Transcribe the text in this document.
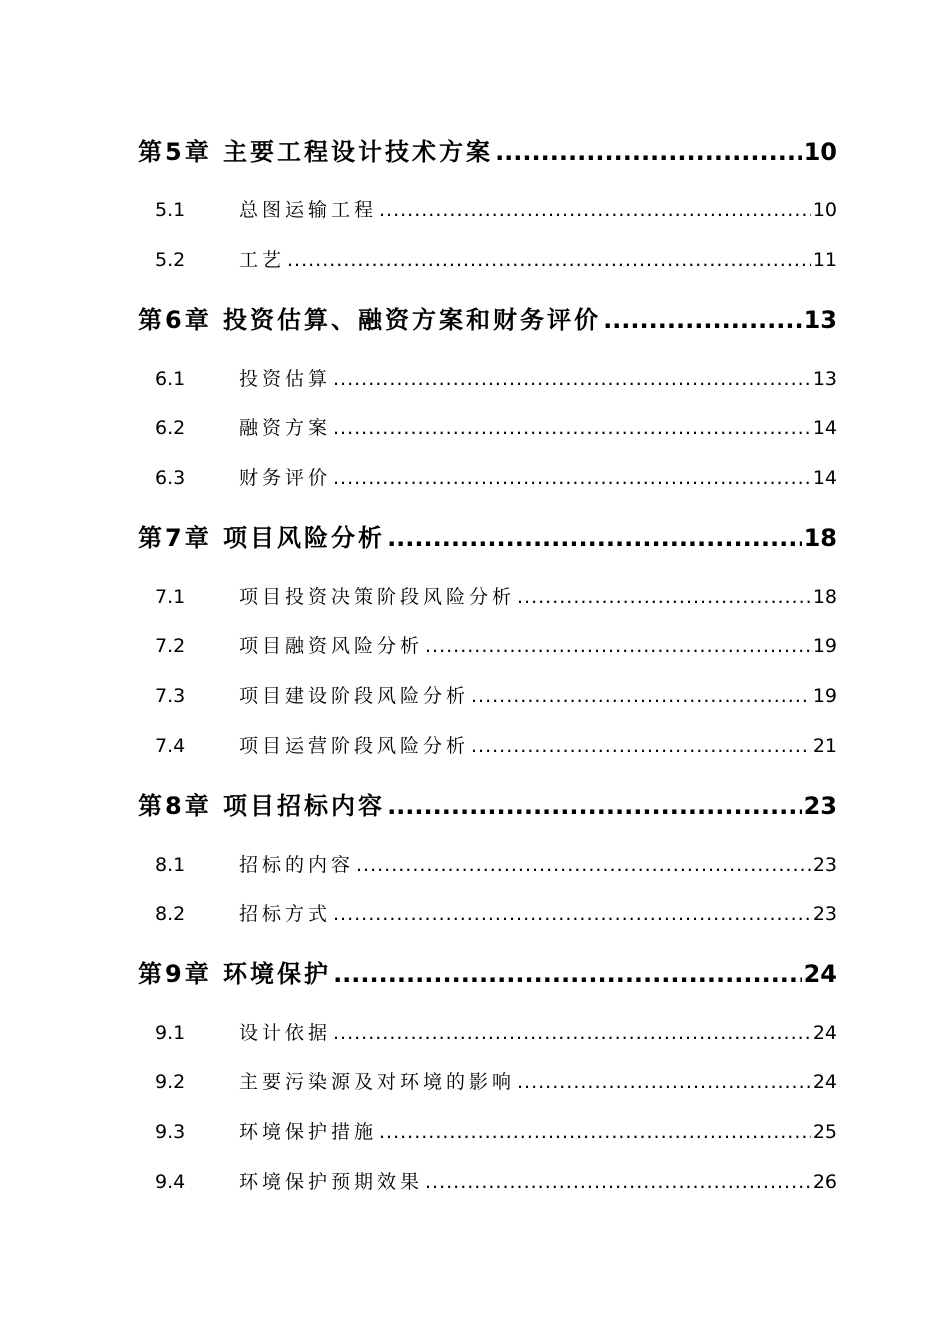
第5章 主要工程设计技术方案 .....	10
5.1	总图运输工程 .....	10
5.2	工艺 .....	11
第6章 投资估算、融资方案和财务评价 .....	13
6.1	投资估算 .....	13
6.2	融资方案 .....	14
6.3	财务评价 .....	14
第7章 项目风险分析 .....	18
7.1	项目投资决策阶段风险分析 .....	18
7.2	项目融资风险分析 .....	19
7.3	项目建设阶段风险分析 .....	19
7.4	项目运营阶段风险分析 .....	21
第8章 项目招标内容 .....	23
8.1	招标的内容 .....	23
8.2	招标方式 .....	23
第9章 环境保护 .....	24
9.1	设计依据 .....	24
9.2	主要污染源及对环境的影响 .....	24
9.3	环境保护措施 .....	25
9.4	环境保护预期效果 .....	26
